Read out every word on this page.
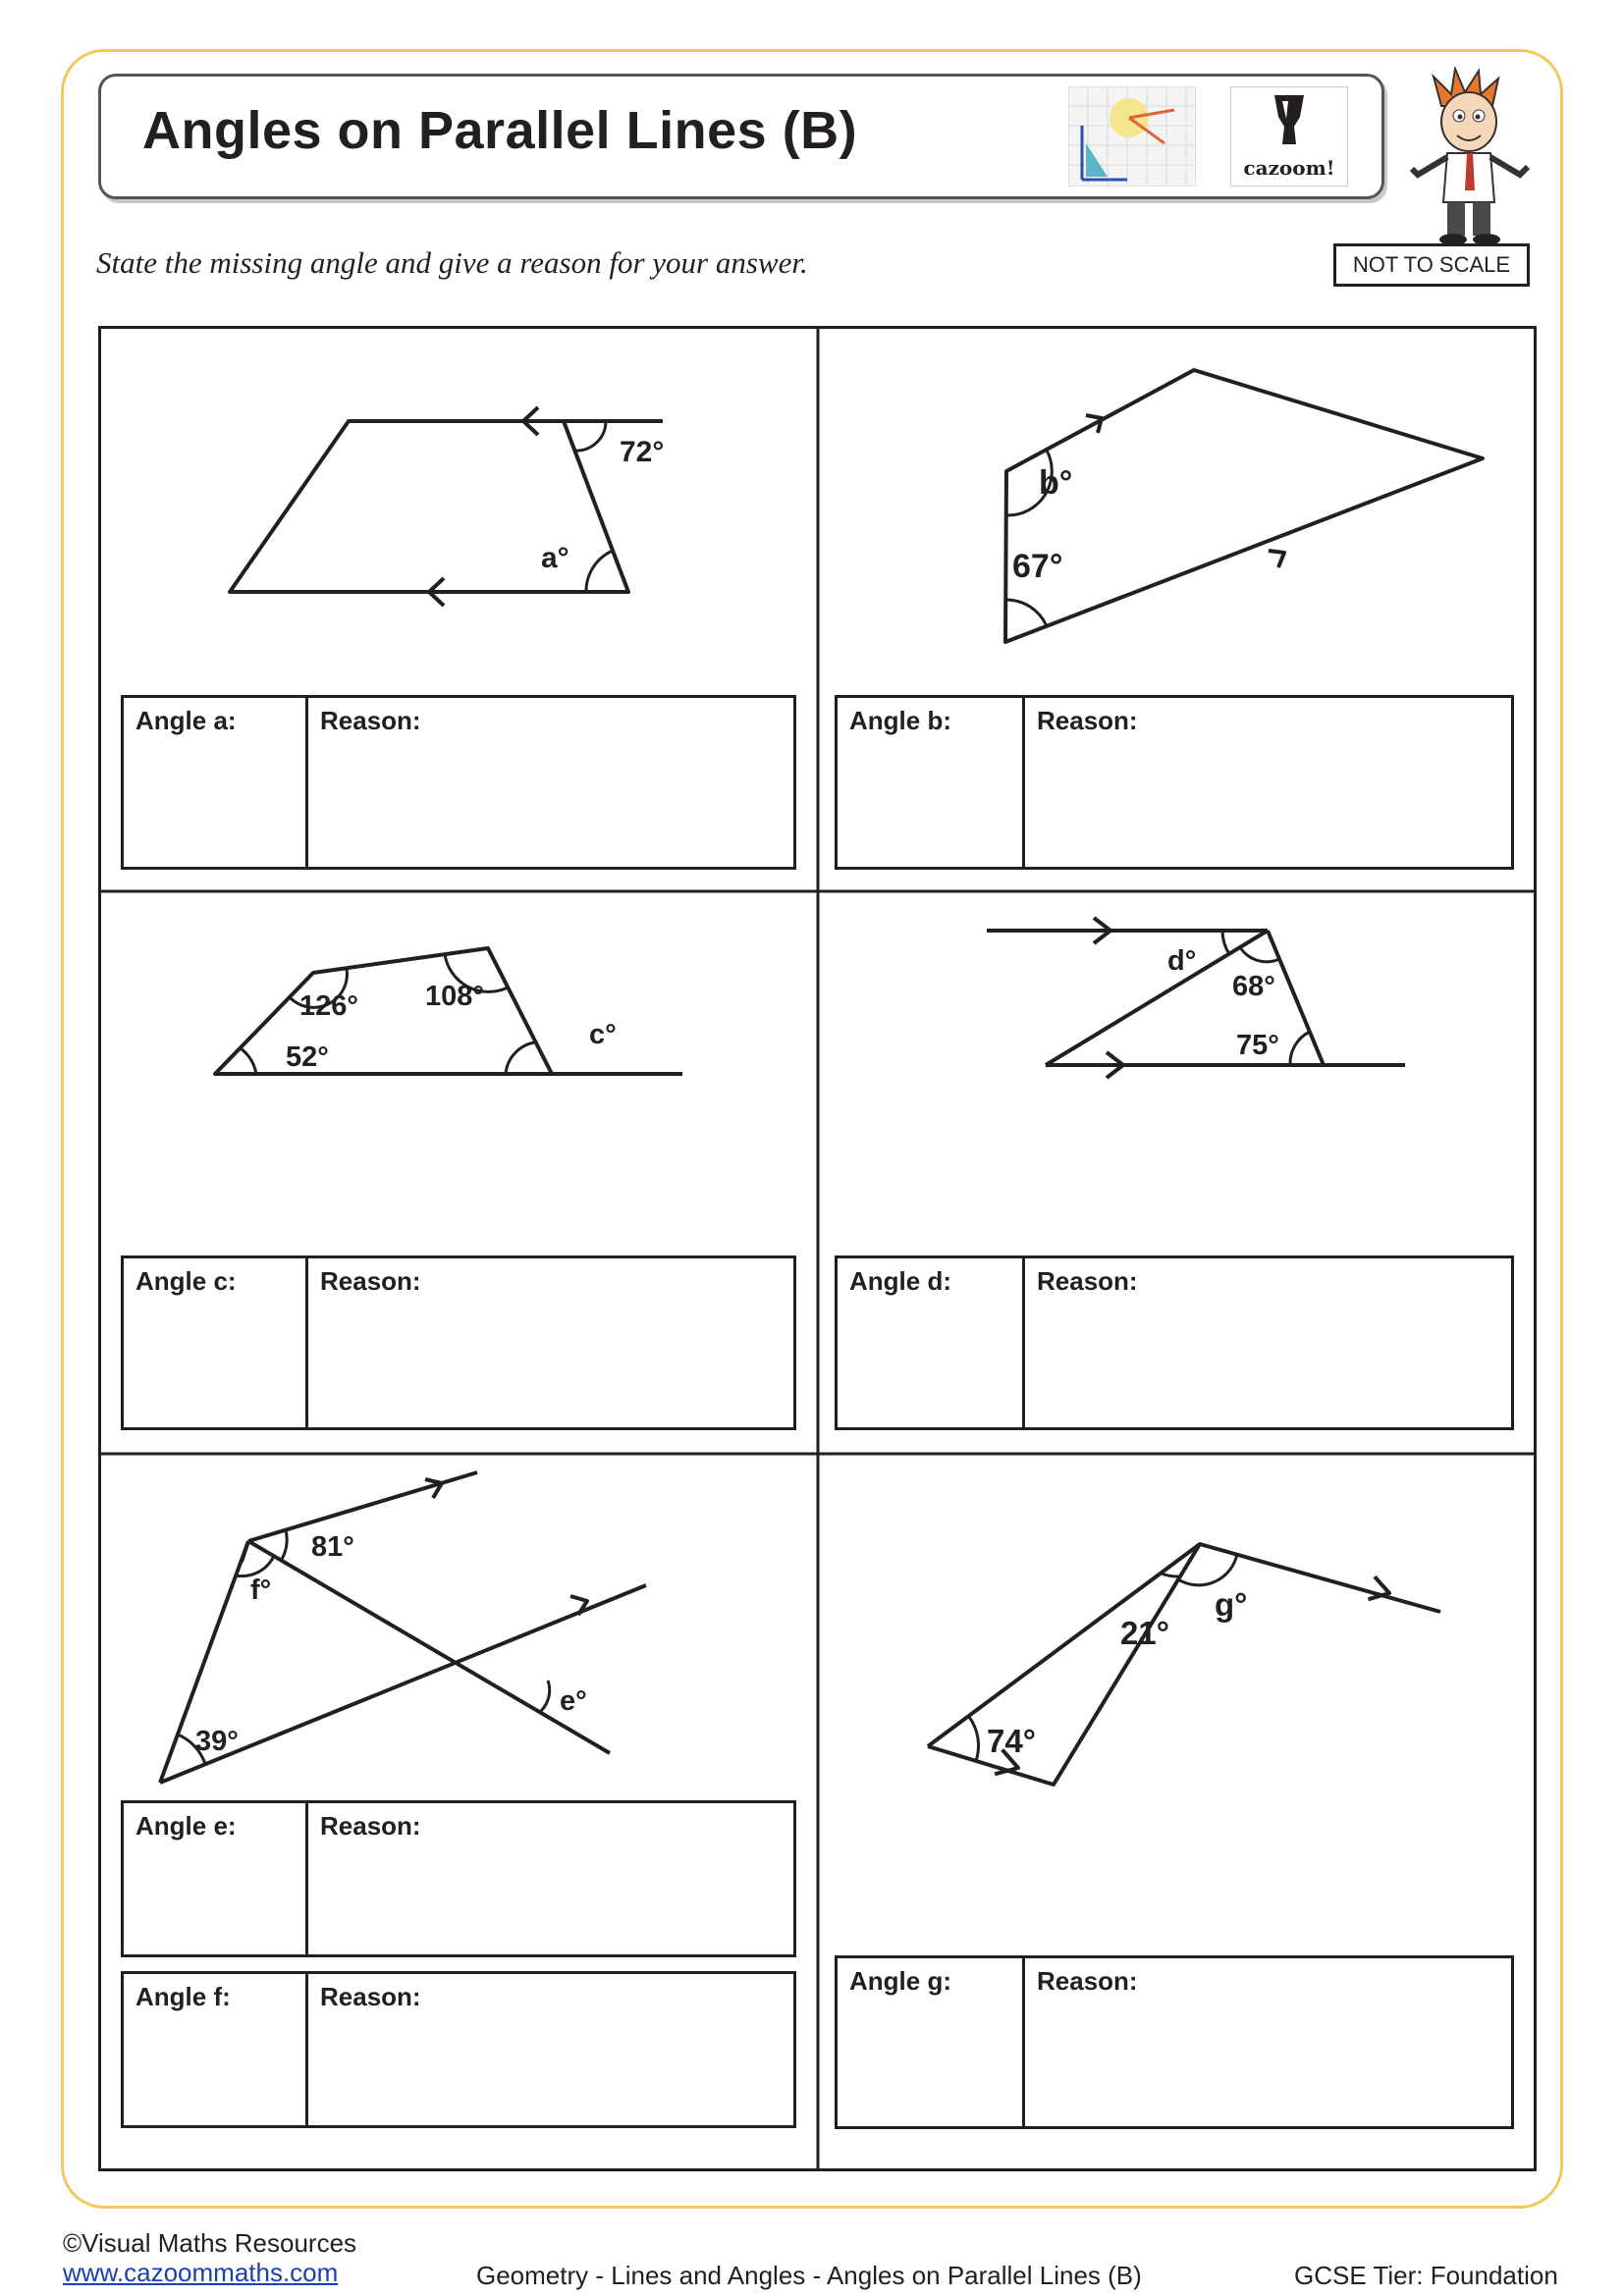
Angles on Parallel Lines (B)
cazoom!
State the missing angle and give a reason for your answer.	NOT TO SCALE
72°
a°
Angle a:	Reason:
b°
67°
Angle b:	Reason:
126° 108°
52°
c°
Angle c:	Reason:
d°
68°
75°
Angle d:	Reason:
81°
f°
e°
39°
Angle e:	Reason:
Angle f:	Reason:
21°
g°
74°
Angle g:	Reason:
©Visual Maths Resources
www.cazoommaths.com	Geometry - Lines and Angles - Angles on Parallel Lines (B)	GCSE Tier: Foundation
